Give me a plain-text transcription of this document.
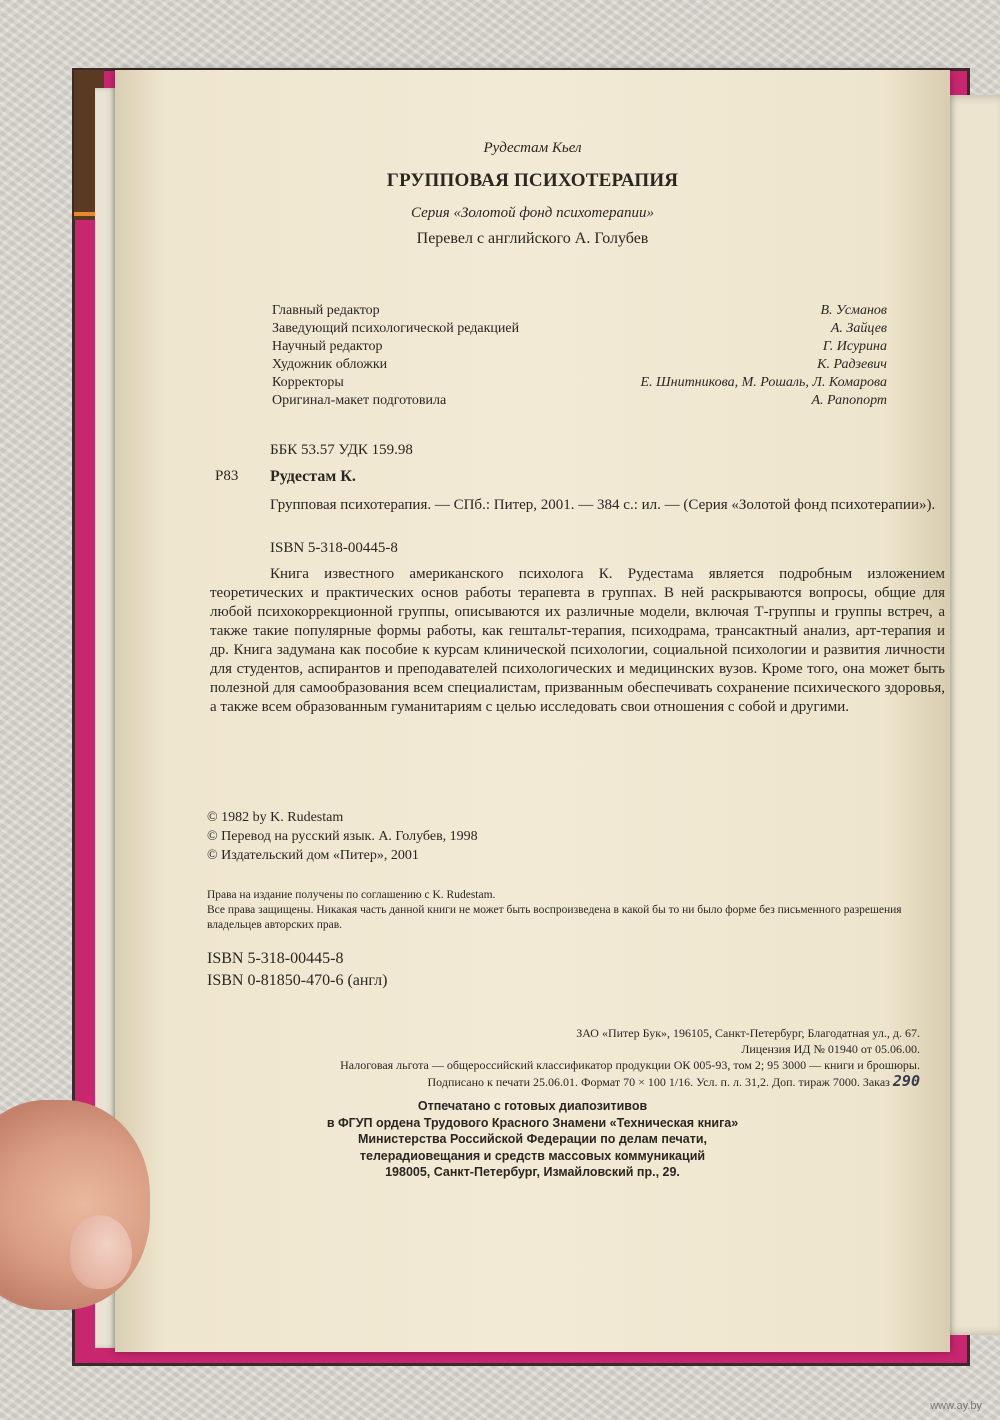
Рудестам Кьел
ГРУППОВАЯ ПСИХОТЕРАПИЯ
Серия «Золотой фонд психотерапии»
Перевел с английского А. Голубев
Главный редактор	В. Усманов
Заведующий психологической редакцией	А. Зайцев
Научный редактор	Г. Исурина
Художник обложки	К. Радзевич
Корректоры	Е. Шнитникова, М. Рошаль, Л. Комарова
Оригинал-макет подготовила	А. Рапопорт
ББК 53.57 УДК 159.98
Р83 Рудестам К.
Групповая психотерапия. — СПб.: Питер, 2001. — 384 с.: ил. — (Серия «Золотой фонд психотерапии»).
ISBN 5-318-00445-8
Книга известного американского психолога К. Рудестама является подробным изложением теоретических и практических основ работы терапевта в группах. В ней раскрываются вопросы, общие для любой психокоррекционной группы, описываются их различные модели, включая Т-группы и группы встреч, а также такие популярные формы работы, как гештальт-терапия, психодрама, трансактный анализ, арт-терапия и др. Книга задумана как пособие к курсам клинической психологии, социальной психологии и развития личности для студентов, аспирантов и преподавателей психологических и медицинских вузов. Кроме того, она может быть полезной для самообразования всем специалистам, призванным обеспечивать сохранение психического здоровья, а также всем образованным гуманитариям с целью исследовать свои отношения с собой и другими.
© 1982 by K. Rudestam
© Перевод на русский язык. А. Голубев, 1998
© Издательский дом «Питер», 2001
Права на издание получены по соглашению с K. Rudestam.
Все права защищены. Никакая часть данной книги не может быть воспроизведена в какой бы то ни было форме без письменного разрешения владельцев авторских прав.
ISBN 5-318-00445-8
ISBN 0-81850-470-6 (англ)
ЗАО «Питер Бук», 196105, Санкт-Петербург, Благодатная ул., д. 67.
Лицензия ИД № 01940 от 05.06.00.
Налоговая льгота — общероссийский классификатор продукции ОК 005-93, том 2; 95 3000 — книги и брошюры.
Подписано к печати 25.06.01. Формат 70 × 100 1/16. Усл. п. л. 31,2. Доп. тираж 7000. Заказ 290
Отпечатано с готовых диапозитивов
в ФГУП ордена Трудового Красного Знамени «Техническая книга»
Министерства Российской Федерации по делам печати,
телерадиовещания и средств массовых коммуникаций
198005, Санкт-Петербург, Измайловский пр., 29.
www.ay.by
